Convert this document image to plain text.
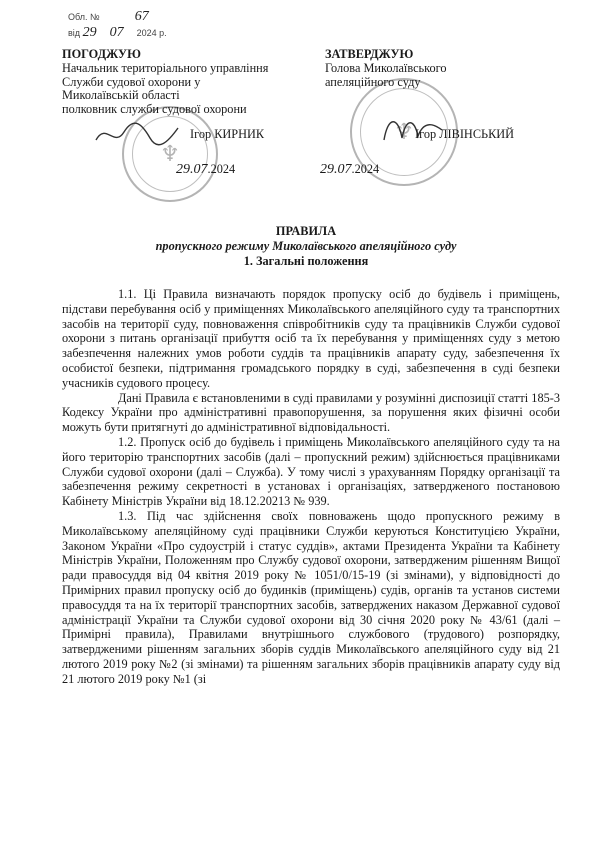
Обл. №	67
від 29 07 2024 р.
♆
♆
ПОГОДЖУЮ
Начальник територіального управління
Служби судової охорони у
Миколаївській області
полковник служби судової охорони
Ігор КИРНИК
29.07.2024
ЗАТВЕРДЖУЮ
Голова Миколаївського
апеляційного суду
Ігор ЛІВІНСЬКИЙ
29.07.2024
ПРАВИЛА
пропускного режиму Миколаївського апеляційного суду
1. Загальні положення

1.1. Ці Правила визначають порядок пропуску осіб до будівель і приміщень, підстави перебування осіб у приміщеннях Миколаївського апеляційного суду та транспортних засобів на території суду, повноваження співробітників суду та працівників Служби судової охорони з питань організації прибуття осіб та їх перебування у приміщеннях суду з метою забезпечення належних умов роботи суддів та працівників апарату суду, забезпечення їх особистої безпеки, підтримання громадського порядку в суді, забезпечення в суді безпеки учасників судового процесу.

Дані Правила є встановленими в суді правилами у розумінні диспозиції статті 185-3 Кодексу України про адміністративні правопорушення, за порушення яких фізичні особи можуть бути притягнуті до адміністративної відповідальності.

1.2. Пропуск осіб до будівель і приміщень Миколаївського апеляційного суду та на його територію транспортних засобів (далі – пропускний режим) здійснюється працівниками Служби судової охорони (далі – Служба). У тому числі з урахуванням Порядку організації та забезпечення режиму секретності в установах і організаціях, затвердженого постановою Кабінету Міністрів України від 18.12.20213 № 939.

1.3. Під час здійснення своїх повноважень щодо пропускного режиму в Миколаївському апеляційному суді працівники Служби керуються Конституцією України, Законом України «Про судоустрій і статус суддів», актами Президента України та Кабінету Міністрів України, Положенням про Службу судової охорони, затвердженим рішенням Вищої ради правосуддя від 04 квітня 2019 року № 1051/0/15-19 (зі змінами), у відповідності до Примірних правил пропуску осіб до будинків (приміщень) судів, органів та установ системи правосуддя та на їх території транспортних засобів, затверджених наказом Державної судової адміністрації України та Служби судової охорони від 30 січня 2020 року № 43/61 (далі – Примірні правила), Правилами внутрішнього службового (трудового) розпорядку, затвердженими рішенням загальних зборів суддів Миколаївського апеляційного суду від 21 лютого 2019 року №2 (зі змінами) та рішенням загальних зборів працівників апарату суду від 21 лютого 2019 року №1 (зі
